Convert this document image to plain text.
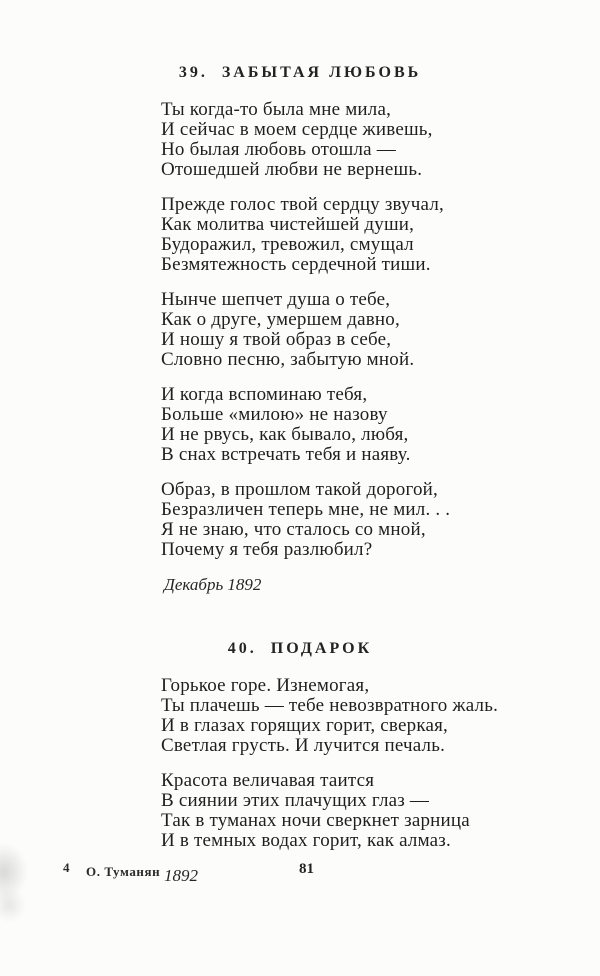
39.  ЗАБЫТАЯ ЛЮБОВЬ
Ты когда-то была мне мила,
И сейчас в моем сердце живешь,
Но былая любовь отошла —
Отошедшей любви не вернешь.
Прежде голос твой сердцу звучал,
Как молитва чистейшей души,
Будоражил, тревожил, смущал
Безмятежность сердечной тиши.
Нынче шепчет душа о тебе,
Как о друге, умершем давно,
И ношу я твой образ в себе,
Словно песню, забытую мной.
И когда вспоминаю тебя,
Больше «милою» не назову
И не рвусь, как бывало, любя,
В снах встречать тебя и наяву.
Образ, в прошлом такой дорогой,
Безразличен теперь мне, не мил. . .
Я не знаю, что сталось со мной,
Почему я тебя разлюбил?
Декабрь 1892
40.  ПОДАРОК
Горькое горе. Изнемогая,
Ты плачешь — тебе невозвратного жаль.
И в глазах горящих горит, сверкая,
Светлая грусть. И лучится печаль.
Красота величавая таится
В сиянии этих плачущих глаз —
Так в туманах ночи сверкнет зарница
И в темных водах горит, как алмаз.
1892
4 О. Туманян	81
